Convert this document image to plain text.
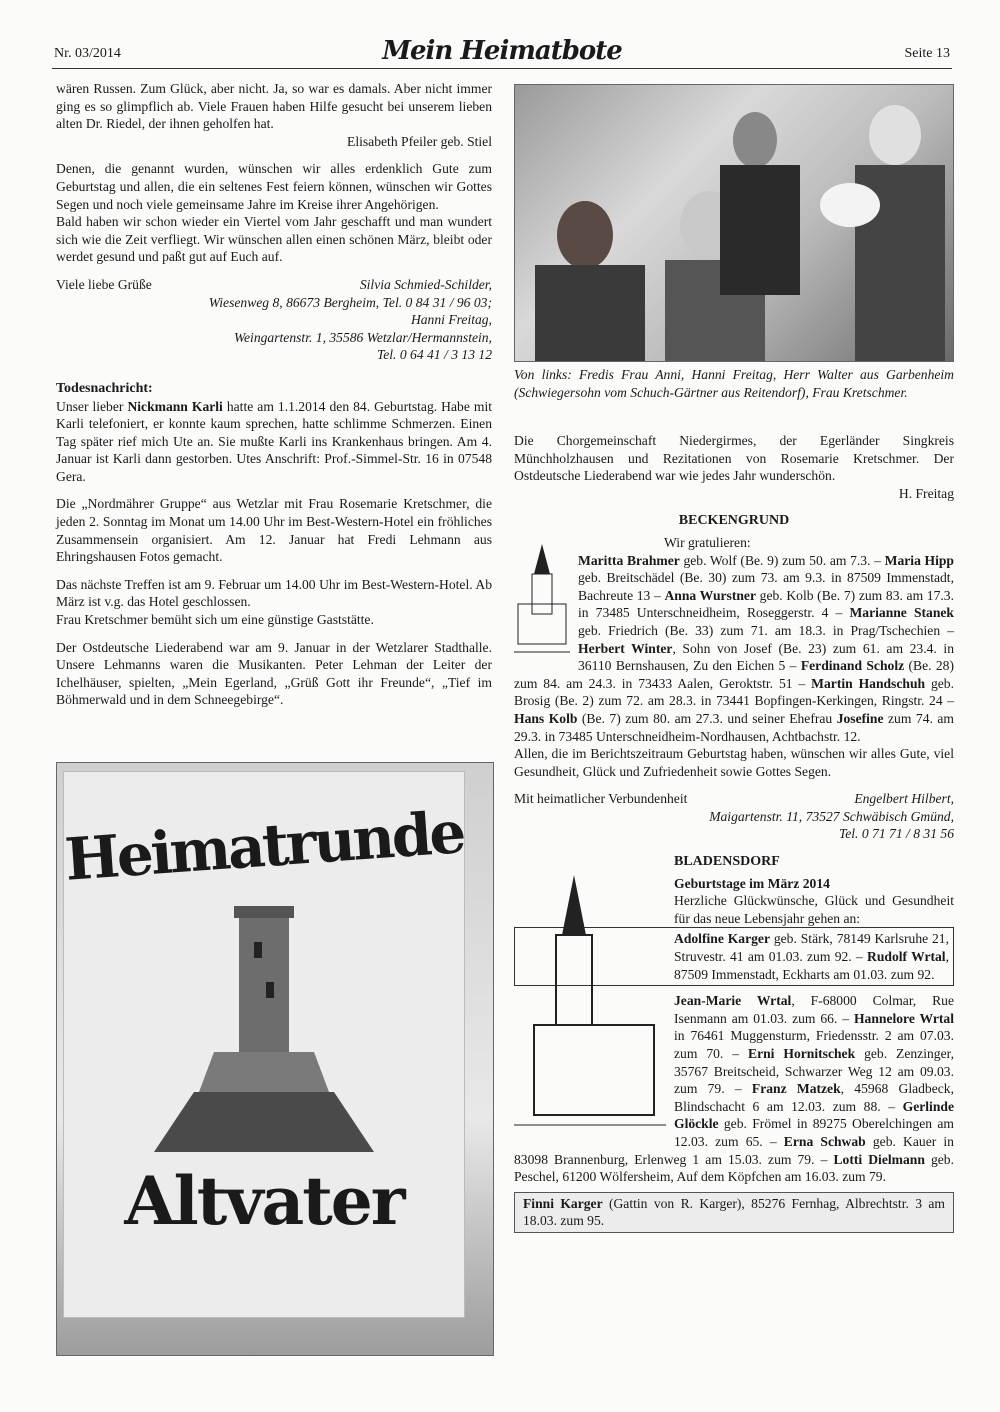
Nr. 03/2014	Mein Heimatbote	Seite 13

wären Russen. Zum Glück, aber nicht. Ja, so war es damals. Aber nicht immer ging es so glimpflich ab. Viele Frauen haben Hilfe gesucht bei unserem lieben alten Dr. Riedel, der ihnen geholfen hat.

Elisabeth Pfeiler geb. Stiel

Denen, die genannt wurden, wünschen wir alles erdenklich Gute zum Geburtstag und allen, die ein seltenes Fest feiern können, wünschen wir Gottes Segen und noch viele gemeinsame Jahre im Kreise ihrer Angehörigen.
Bald haben wir schon wieder ein Viertel vom Jahr geschafft und man wundert sich wie die Zeit verfliegt. Wir wünschen allen einen schönen März, bleibt oder werdet gesund und paßt gut auf Euch auf.

Viele liebe Grüße	Silvia Schmied-Schilder,
Wiesenweg 8, 86673 Bergheim, Tel. 0 84 31 / 96 03;
Hanni Freitag,
Weingartenstr. 1, 35586 Wetzlar/Hermannstein,
Tel. 0 64 41 / 3 13 12
Todesnachricht:

Unser lieber Nickmann Karli hatte am 1.1.2014 den 84. Geburtstag. Habe mit Karli telefoniert, er konnte kaum sprechen, hatte schlimme Schmerzen. Einen Tag später rief mich Ute an. Sie mußte Karli ins Krankenhaus bringen. Am 4. Januar ist Karli dann gestorben. Utes Anschrift: Prof.-Simmel-Str. 16 in 07548 Gera.

Die „Nordmährer Gruppe“ aus Wetzlar mit Frau Rosemarie Kretschmer, die jeden 2. Sonntag im Monat um 14.00 Uhr im Best-Western-Hotel ein fröhliches Zusammensein organisiert. Am 12. Januar hat Fredi Lehmann aus Ehringshausen Fotos gemacht.

Das nächste Treffen ist am 9. Februar um 14.00 Uhr im Best-Western-Hotel. Ab März ist v.g. das Hotel geschlossen.
Frau Kretschmer bemüht sich um eine günstige Gaststätte.

Der Ostdeutsche Liederabend war am 9. Januar in der Wetzlarer Stadthalle. Unsere Lehmanns waren die Musikanten. Peter Lehman der Leiter der Ichelhäuser, spielten, „Mein Egerland, „Grüß Gott ihr Freunde“, „Tief im Böhmerwald und in dem Schneegebirge“.

Heimatrunde
Altvater
Von links: Fredis Frau Anni, Hanni Freitag, Herr Walter aus Garbenheim (Schwiegersohn vom Schuch-Gärtner aus Reitendorf), Frau Kretschmer.

Die Chorgemeinschaft Niedergirmes, der Egerländer Singkreis Münchholzhausen und Rezitationen von Rosemarie Kretschmer. Der Ostdeutsche Liederabend war wie jedes Jahr wunderschön.

H. Freitag

BECKENGRUND
Wir gratulieren:
Maritta Brahmer geb. Wolf (Be. 9) zum 50. am 7.3. – Maria Hipp geb. Breitschädel (Be. 30) zum 73. am 9.3. in 87509 Immenstadt, Bachreute 13 – Anna Wurstner geb. Kolb (Be. 7) zum 83. am 17.3. in 73485 Unterschneidheim, Roseggerstr. 4 – Marianne Stanek geb. Friedrich (Be. 33) zum 71. am 18.3. in Prag/Tschechien – Herbert Winter, Sohn von Josef (Be. 23) zum 61. am 23.4. in 36110 Bernshausen, Zu den Eichen 5 – Ferdinand Scholz (Be. 28) zum 84. am 24.3. in 73433 Aalen, Geroktstr. 51 – Martin Handschuh geb. Brosig (Be. 2) zum 72. am 28.3. in 73441 Bopfingen-Kerkingen, Ringstr. 24 – Hans Kolb (Be. 7) zum 80. am 27.3. und seiner Ehefrau Josefine zum 74. am 29.3. in 73485 Unterschneidheim-Nordhausen, Achtbachstr. 12.

Allen, die im Berichtszeitraum Geburtstag haben, wünschen wir alles Gute, viel Gesundheit, Glück und Zufriedenheit sowie Gottes Segen.

Mit heimatlicher Verbundenheit	Engelbert Hilbert,
Maigartenstr. 11, 73527 Schwäbisch Gmünd,
Tel. 0 71 71 / 8 31 56
BLADENSDORF
Geburtstage im März 2014
Herzliche Glückwünsche, Glück und Gesundheit für das neue Lebensjahr gehen an:
Adolfine Karger geb. Stärk, 78149 Karlsruhe 21, Struvestr. 41 am 01.03. zum 92. – Rudolf Wrtal, 87509 Immenstadt, Eckharts am 01.03. zum 92.
Jean-Marie Wrtal, F-68000 Colmar, Rue Isenmann am 01.03. zum 66. – Hannelore Wrtal in 76461 Muggensturm, Friedensstr. 2 am 07.03. zum 70. – Erni Hornitschek geb. Zenzinger, 35767 Breitscheid, Schwarzer Weg 12 am 09.03. zum 79. – Franz Matzek, 45968 Gladbeck, Blindschacht 6 am 12.03. zum 88. – Gerlinde Glöckle geb. Frömel in 89275 Oberelchingen am 12.03. zum 65. – Erna Schwab geb. Kauer in 83098 Brannenburg, Erlenweg 1 am 15.03. zum 79. – Lotti Dielmann geb. Peschel, 61200 Wölfersheim, Auf dem Köpfchen am 16.03. zum 79.
Finni Karger (Gattin von R. Karger), 85276 Fernhag, Albrechtstr. 3 am 18.03. zum 95.
